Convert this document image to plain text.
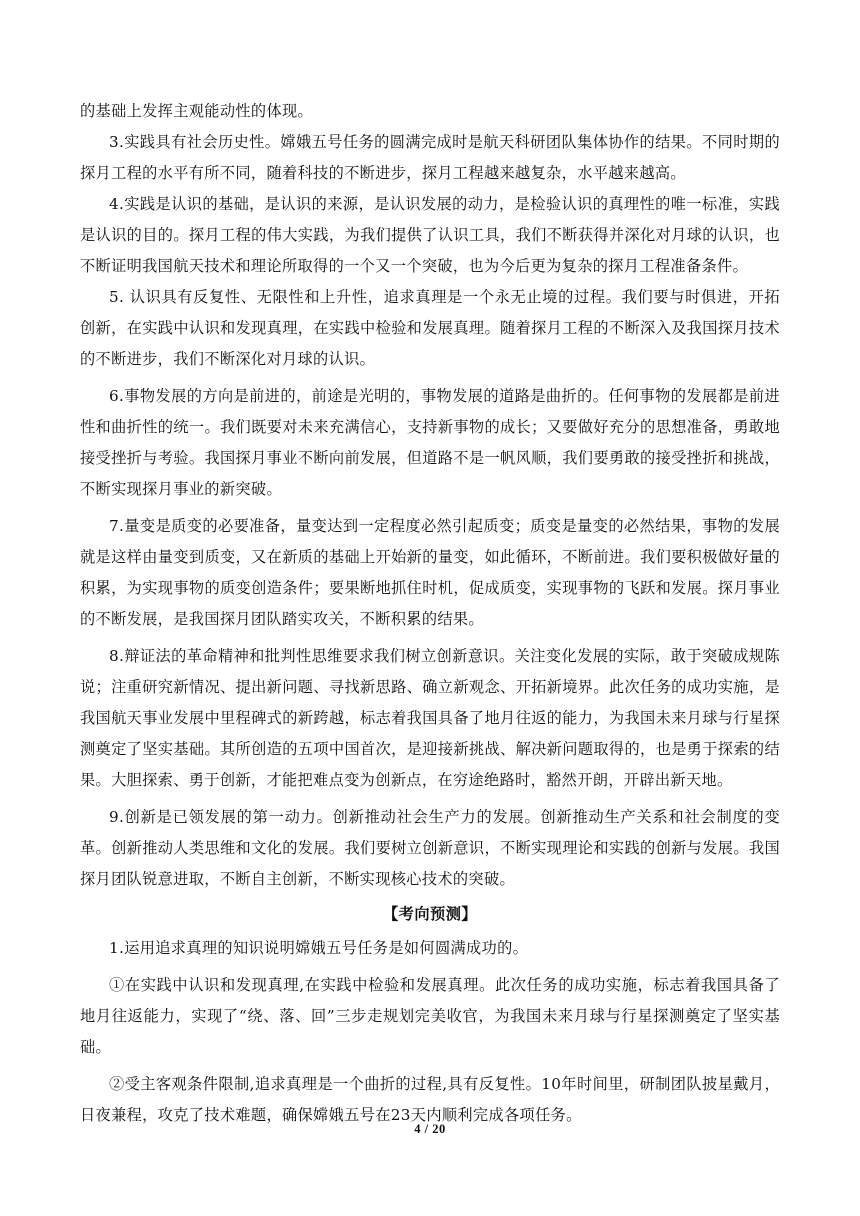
的基础上发挥主观能动性的体现。

3.实践具有社会历史性。嫦娥五号任务的圆满完成时是航天科研团队集体协作的结果。不同时期的探月工程的水平有所不同，随着科技的不断进步，探月工程越来越复杂，水平越来越高。

4.实践是认识的基础，是认识的来源，是认识发展的动力，是检验认识的真理性的唯一标准，实践是认识的目的。探月工程的伟大实践，为我们提供了认识工具，我们不断获得并深化对月球的认识，也不断证明我国航天技术和理论所取得的一个又一个突破，也为今后更为复杂的探月工程准备条件。

5. 认识具有反复性、无限性和上升性，追求真理是一个永无止境的过程。我们要与时俱进，开拓创新，在实践中认识和发现真理，在实践中检验和发展真理。随着探月工程的不断深入及我国探月技术的不断进步，我们不断深化对月球的认识。

6.事物发展的方向是前进的，前途是光明的，事物发展的道路是曲折的。任何事物的发展都是前进性和曲折性的统一。我们既要对未来充满信心，支持新事物的成长；又要做好充分的思想准备，勇敢地接受挫折与考验。我国探月事业不断向前发展，但道路不是一帆风顺，我们要勇敢的接受挫折和挑战，不断实现探月事业的新突破。

7.量变是质变的必要准备，量变达到一定程度必然引起质变；质变是量变的必然结果，事物的发展就是这样由量变到质变，又在新质的基础上开始新的量变，如此循环，不断前进。我们要积极做好量的积累，为实现事物的质变创造条件；要果断地抓住时机，促成质变，实现事物的飞跃和发展。探月事业的不断发展，是我国探月团队踏实攻关，不断积累的结果。

8.辩证法的革命精神和批判性思维要求我们树立创新意识。关注变化发展的实际，敢于突破成规陈说；注重研究新情况、提出新问题、寻找新思路、确立新观念、开拓新境界。此次任务的成功实施，是我国航天事业发展中里程碑式的新跨越，标志着我国具备了地月往返的能力，为我国未来月球与行星探测奠定了坚实基础。其所创造的五项中国首次，是迎接新挑战、解决新问题取得的，也是勇于探索的结果。大胆探索、勇于创新，才能把难点变为创新点，在穷途绝路时，豁然开朗，开辟出新天地。

9.创新是已领发展的第一动力。创新推动社会生产力的发展。创新推动生产关系和社会制度的变革。创新推动人类思维和文化的发展。我们要树立创新意识，不断实现理论和实践的创新与发展。我国探月团队锐意进取，不断自主创新，不断实现核心技术的突破。

【考向预测】

1.运用追求真理的知识说明嫦娥五号任务是如何圆满成功的。

①在实践中认识和发现真理,在实践中检验和发展真理。此次任务的成功实施，标志着我国具备了地月往返能力，实现了“绕、落、回”三步走规划完美收官，为我国未来月球与行星探测奠定了坚实基础。

②受主客观条件限制,追求真理是一个曲折的过程,具有反复性。10年时间里，研制团队披星戴月，日夜兼程，攻克了技术难题，确保嫦娥五号在23天内顺利完成各项任务。

4 / 20
